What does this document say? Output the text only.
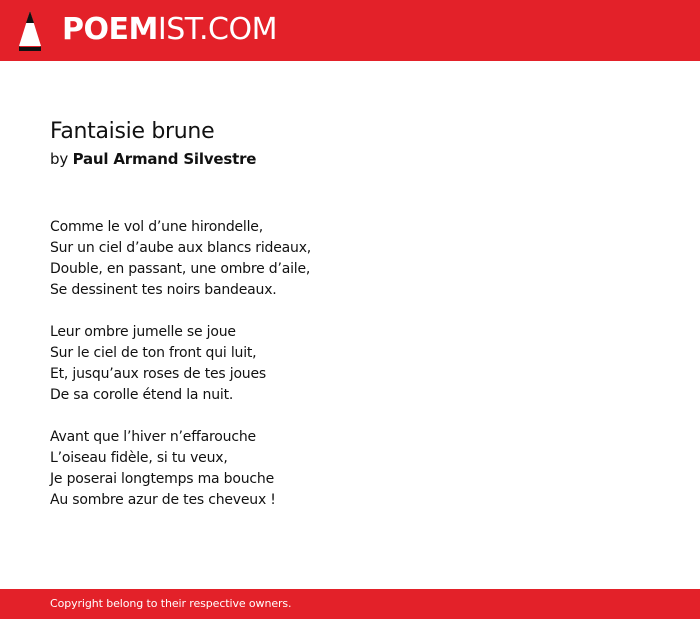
POEMIST.COM
Fantaisie brune
by Paul Armand Silvestre
Comme le vol d’une hirondelle,
Sur un ciel d’aube aux blancs rideaux,
Double, en passant, une ombre d’aile,
Se dessinent tes noirs bandeaux.
Leur ombre jumelle se joue
Sur le ciel de ton front qui luit,
Et, jusqu’aux roses de tes joues
De sa corolle étend la nuit.
Avant que l’hiver n’effarouche
L’oiseau fidèle, si tu veux,
Je poserai longtemps ma bouche
Au sombre azur de tes cheveux !
Copyright belong to their respective owners.
